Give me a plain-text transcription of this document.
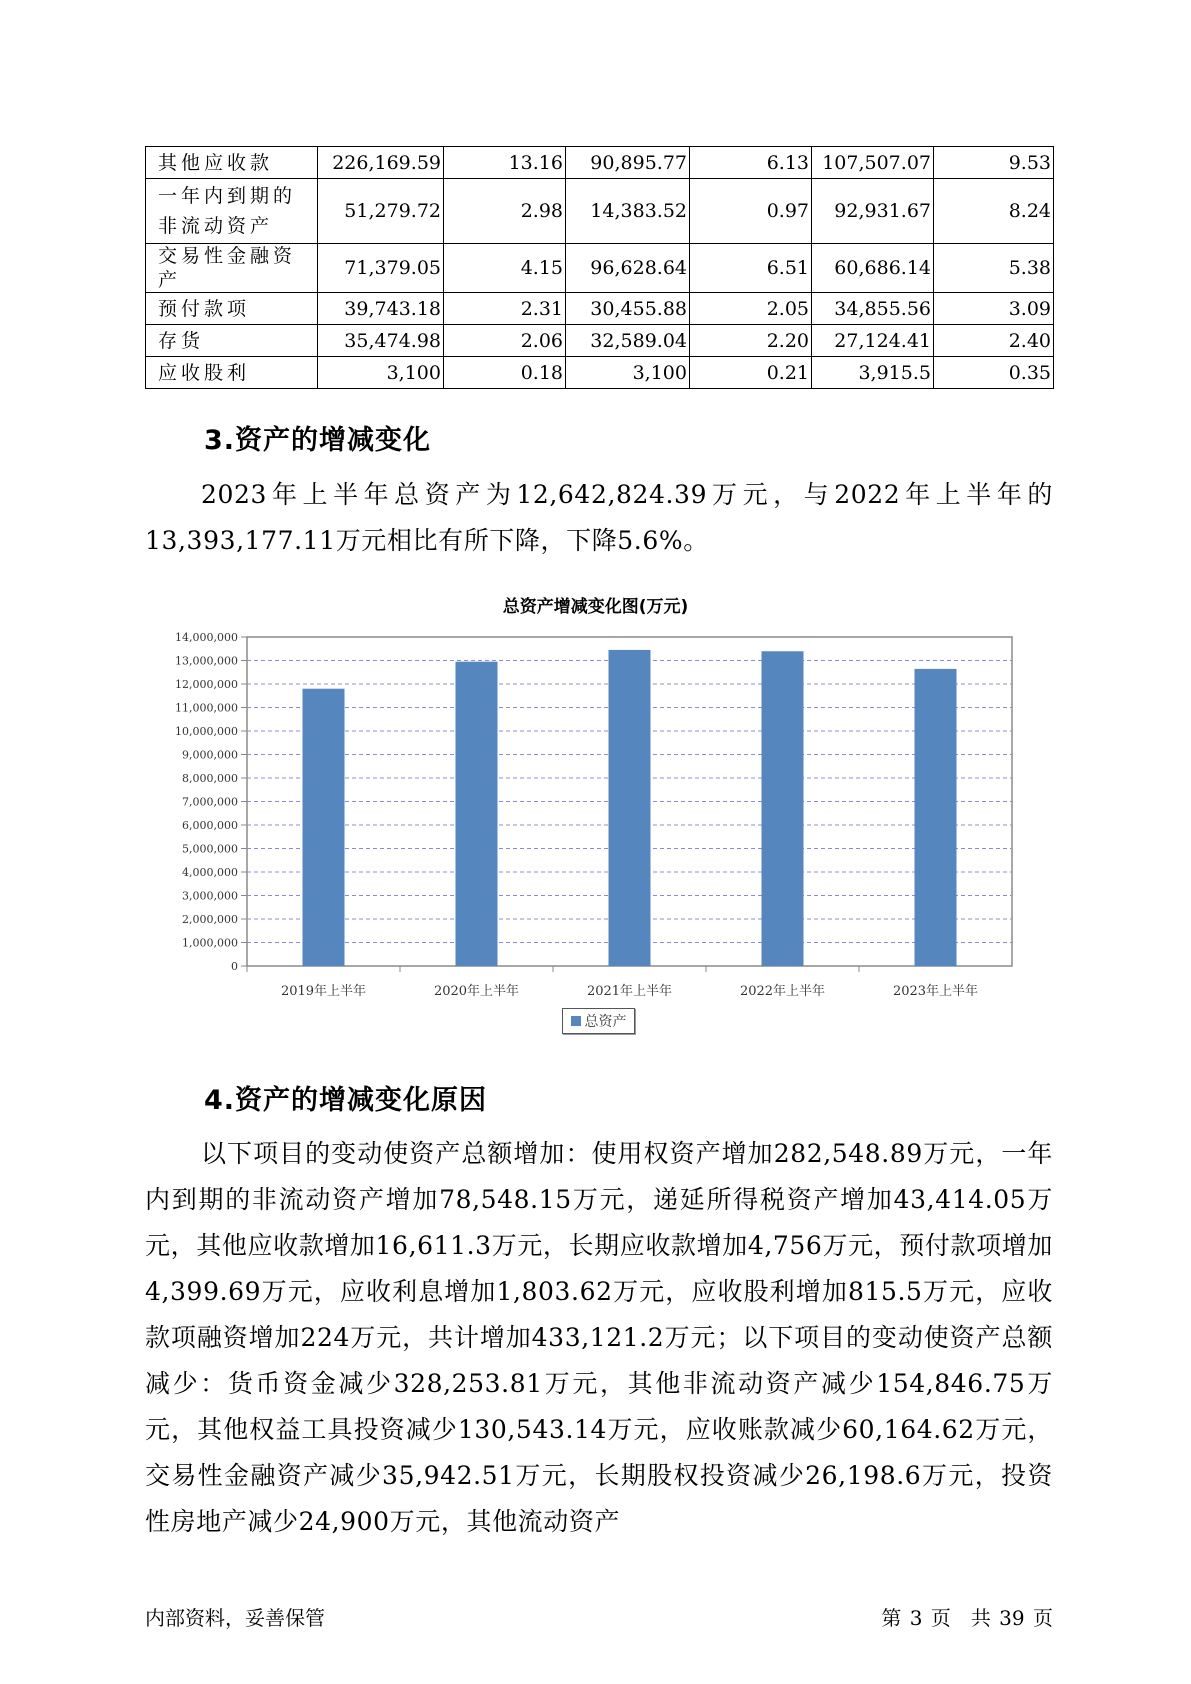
其他应收款	226,169.59	13.16	90,895.77	6.13	107,507.07	9.53
一年内到期的非流动资产	51,279.72	2.98	14,383.52	0.97	92,931.67	8.24
交易性金融资产	71,379.05	4.15	96,628.64	6.51	60,686.14	5.38
预付款项	39,743.18	2.31	30,455.88	2.05	34,855.56	3.09
存货	35,474.98	2.06	32,589.04	2.20	27,124.41	2.40
应收股利	3,100	0.18	3,100	0.21	3,915.5	0.35
3.资产的增减变化

2023年上半年总资产为12,642,824.39万元，与2022年上半年的13,393,177.11万元相比有所下降，下降5.6%。

总资产增减变化图(万元)
0
1,000,000
2,000,000
3,000,000
4,000,000
5,000,000
6,000,000
7,000,000
8,000,000
9,000,000
10,000,000
11,000,000
12,000,000
13,000,000
14,000,000
2019年上半年	2020年上半年	2021年上半年	2022年上半年	2023年上半年
总资产
4.资产的增减变化原因

以下项目的变动使资产总额增加：使用权资产增加282,548.89万元，一年内到期的非流动资产增加78,548.15万元，递延所得税资产增加43,414.05万元，其他应收款增加16,611.3万元，长期应收款增加4,756万元，预付款项增加4,399.69万元，应收利息增加1,803.62万元，应收股利增加815.5万元，应收款项融资增加224万元，共计增加433,121.2万元；以下项目的变动使资产总额减少：货币资金减少328,253.81万元，其他非流动资产减少154,846.75万元，其他权益工具投资减少130,543.14万元，应收账款减少60,164.62万元，交易性金融资产减少35,942.51万元，长期股权投资减少26,198.6万元，投资性房地产减少24,900万元，其他流动资产

内部资料，妥善保管	第 3 页　共 39 页
